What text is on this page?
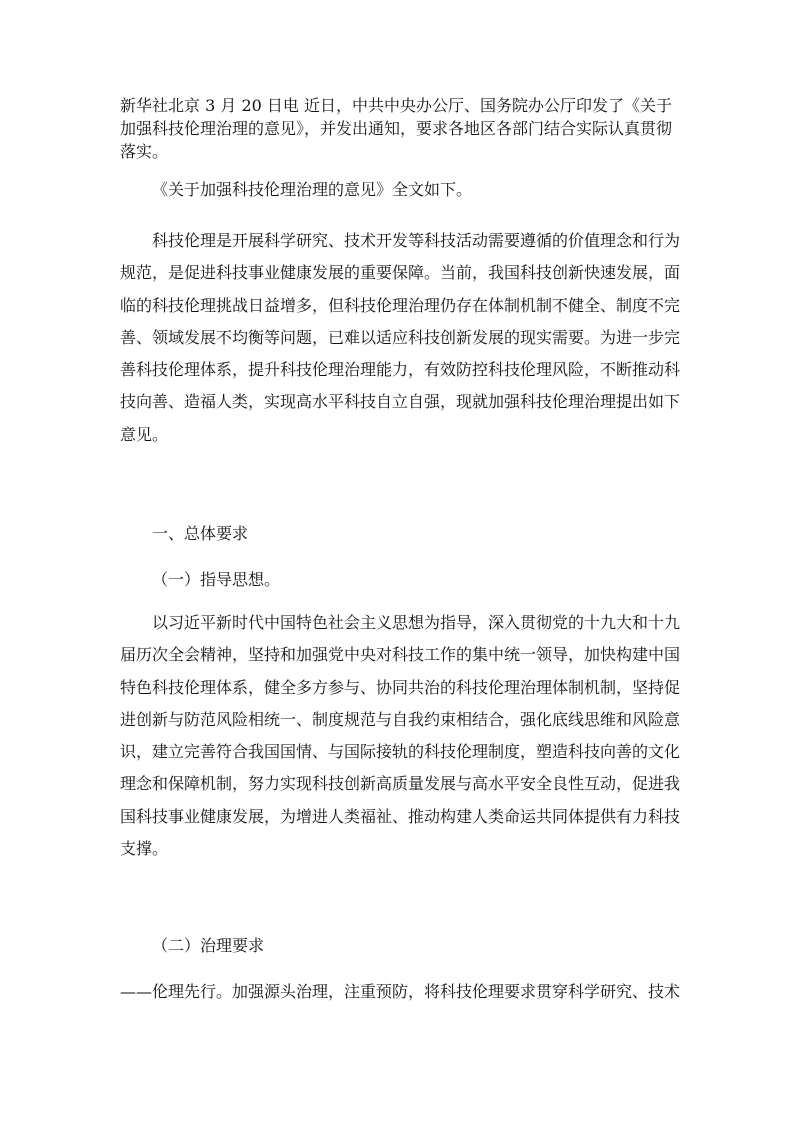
新华社北京 3 月 20 日电 近日，中共中央办公厅、国务院办公厅印发了《关于加强科技伦理治理的意见》，并发出通知，要求各地区各部门结合实际认真贯彻落实。

《关于加强科技伦理治理的意见》全文如下。

科技伦理是开展科学研究、技术开发等科技活动需要遵循的价值理念和行为规范，是促进科技事业健康发展的重要保障。当前，我国科技创新快速发展，面临的科技伦理挑战日益增多，但科技伦理治理仍存在体制机制不健全、制度不完善、领域发展不均衡等问题，已难以适应科技创新发展的现实需要。为进一步完善科技伦理体系，提升科技伦理治理能力，有效防控科技伦理风险，不断推动科技向善、造福人类，实现高水平科技自立自强，现就加强科技伦理治理提出如下意见。

一、总体要求

（一）指导思想。

以习近平新时代中国特色社会主义思想为指导，深入贯彻党的十九大和十九届历次全会精神，坚持和加强党中央对科技工作的集中统一领导，加快构建中国特色科技伦理体系，健全多方参与、协同共治的科技伦理治理体制机制，坚持促进创新与防范风险相统一、制度规范与自我约束相结合，强化底线思维和风险意识，建立完善符合我国国情、与国际接轨的科技伦理制度，塑造科技向善的文化理念和保障机制，努力实现科技创新高质量发展与高水平安全良性互动，促进我国科技事业健康发展，为增进人类福祉、推动构建人类命运共同体提供有力科技支撑。

（二）治理要求

——伦理先行。加强源头治理，注重预防，将科技伦理要求贯穿科学研究、技术
